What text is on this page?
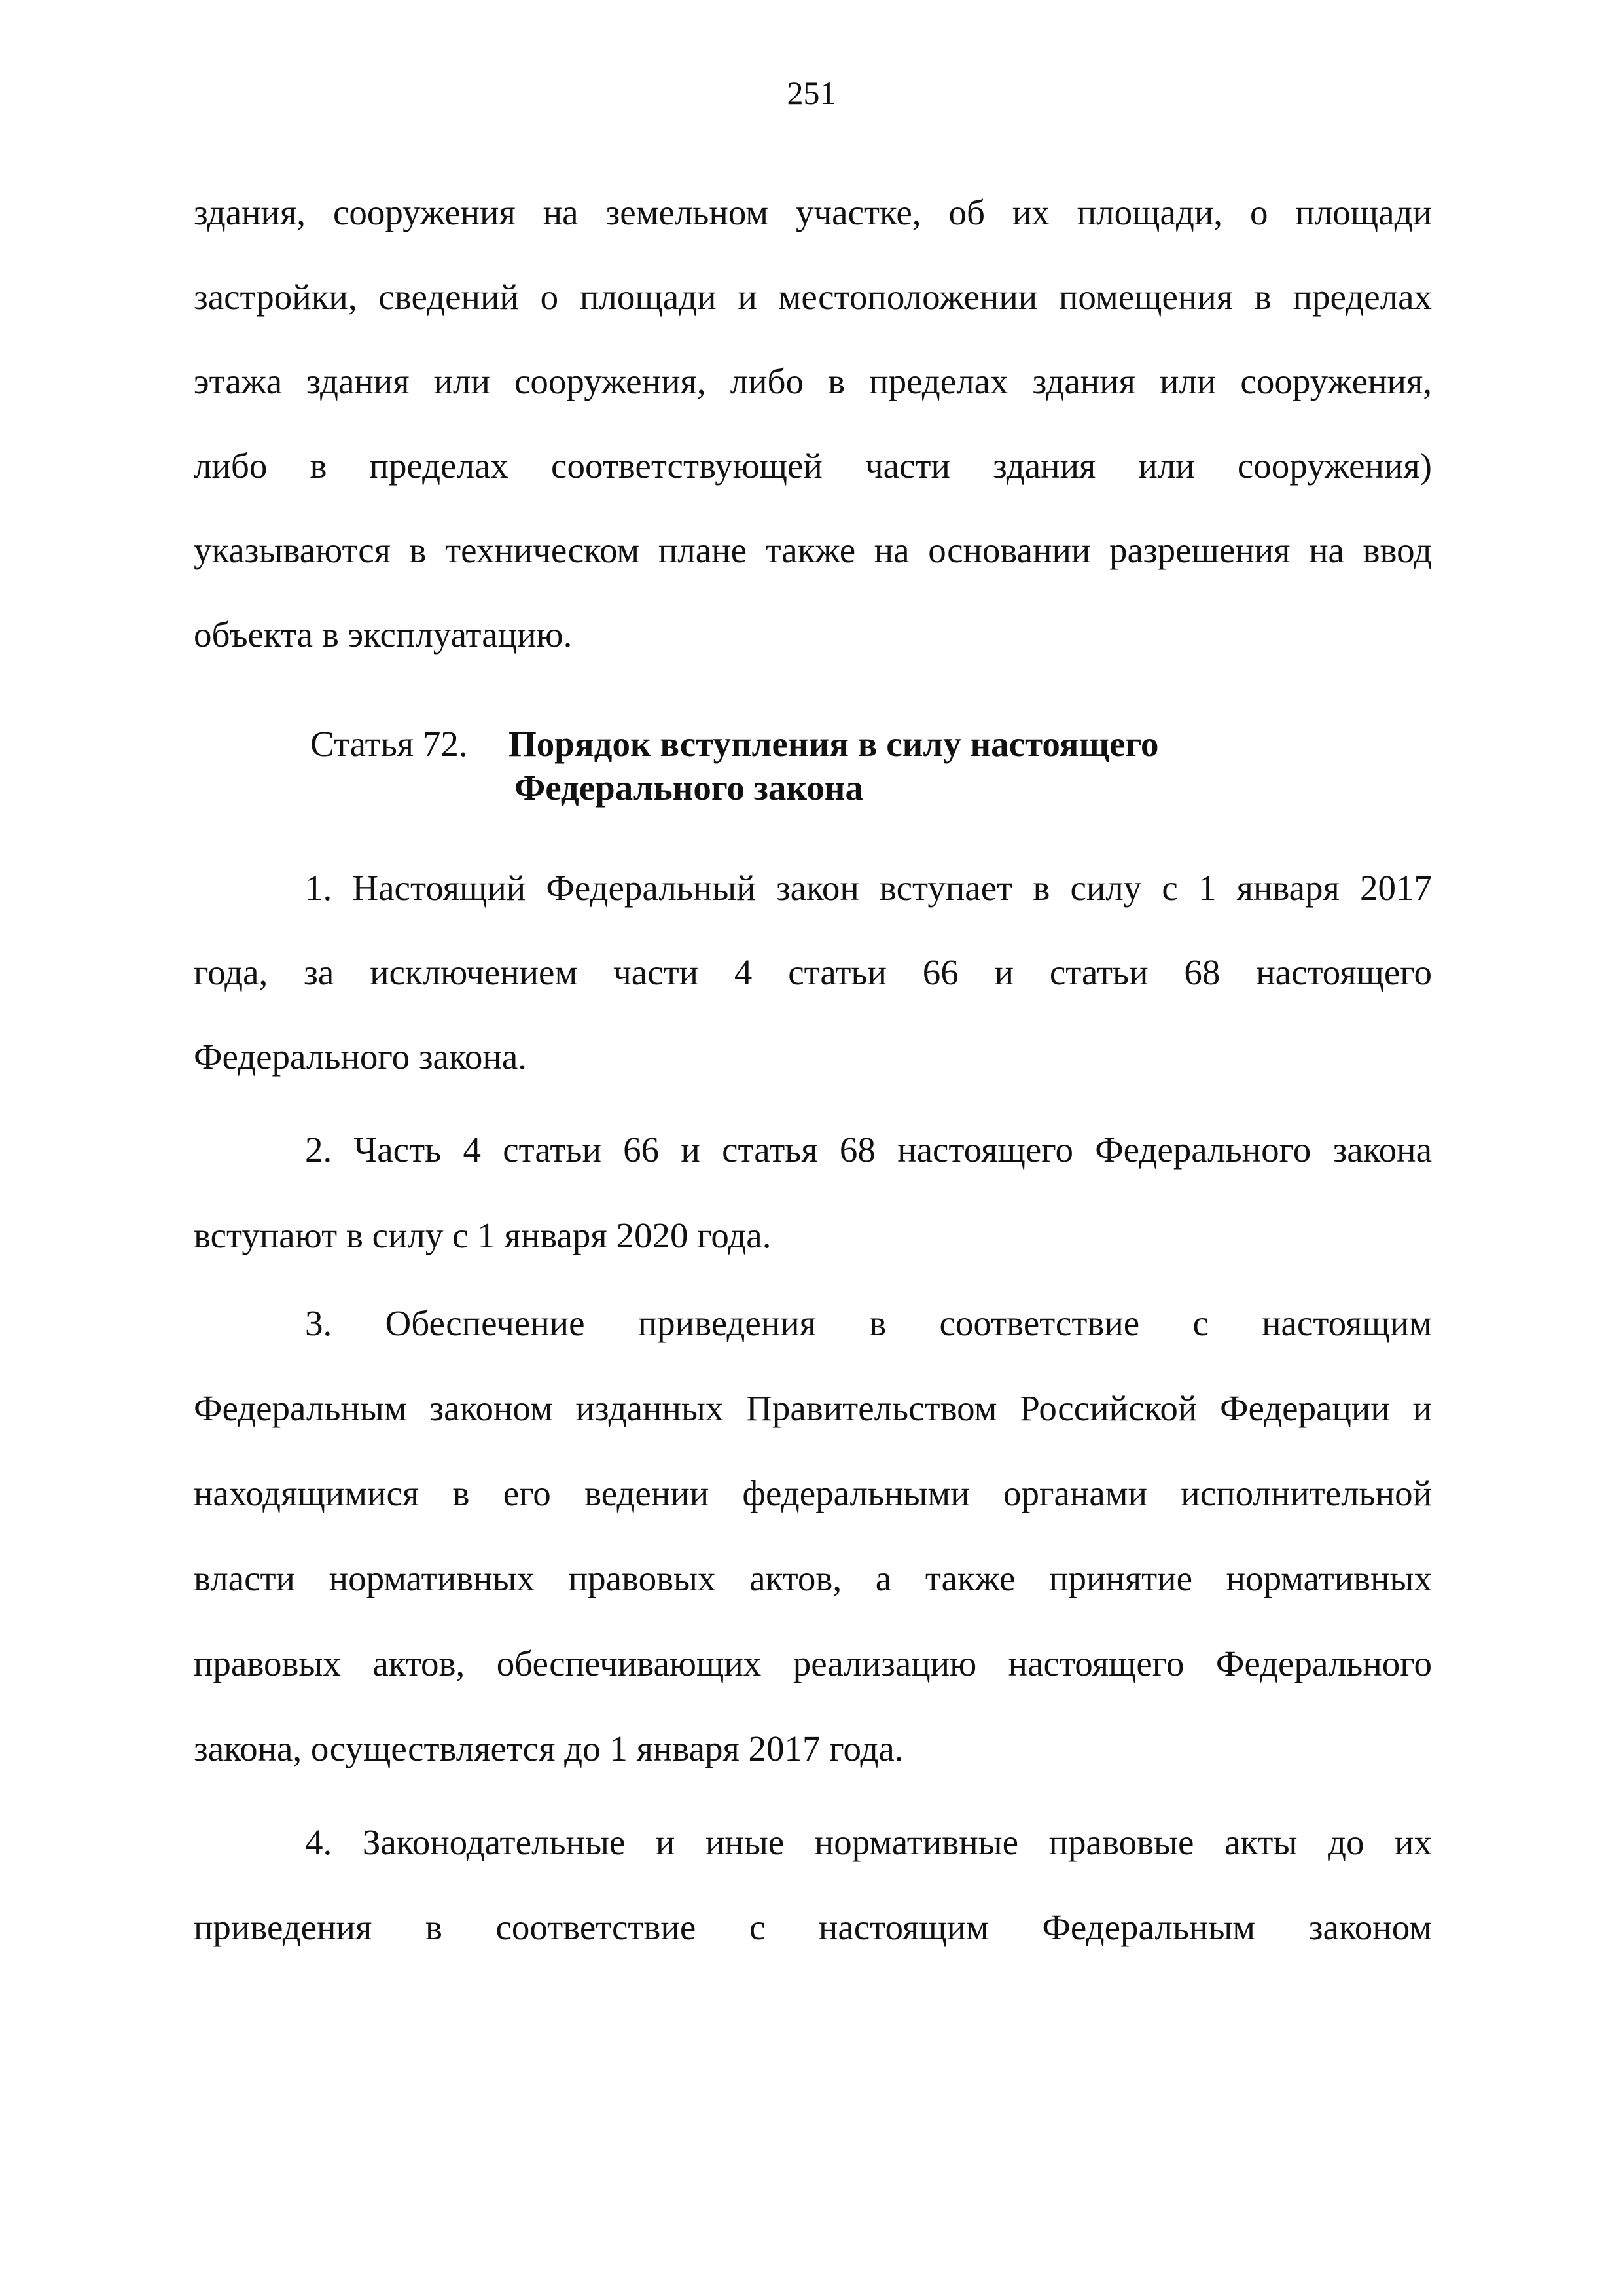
251
здания, сооружения на земельном участке, об их площади, о площади
застройки, сведений о площади и местоположении помещения в пределах
этажа здания или сооружения, либо в пределах здания или сооружения,
либо в пределах соответствующей части здания или сооружения)
указываются в техническом плане также на основании разрешения на ввод
объекта в эксплуатацию.
Статья 72. Порядок вступления в силу настоящего
Федерального закона
1. Настоящий Федеральный закон вступает в силу с 1 января 2017
года, за исключением части 4 статьи 66 и статьи 68 настоящего
Федерального закона.
2. Часть 4 статьи 66 и статья 68 настоящего Федерального закона
вступают в силу с 1 января 2020 года.
3. Обеспечение приведения в соответствие с настоящим
Федеральным законом изданных Правительством Российской Федерации и
находящимися в его ведении федеральными органами исполнительной
власти нормативных правовых актов, а также принятие нормативных
правовых актов, обеспечивающих реализацию настоящего Федерального
закона, осуществляется до 1 января 2017 года.
4. Законодательные и иные нормативные правовые акты до их
приведения в соответствие с настоящим Федеральным законом
